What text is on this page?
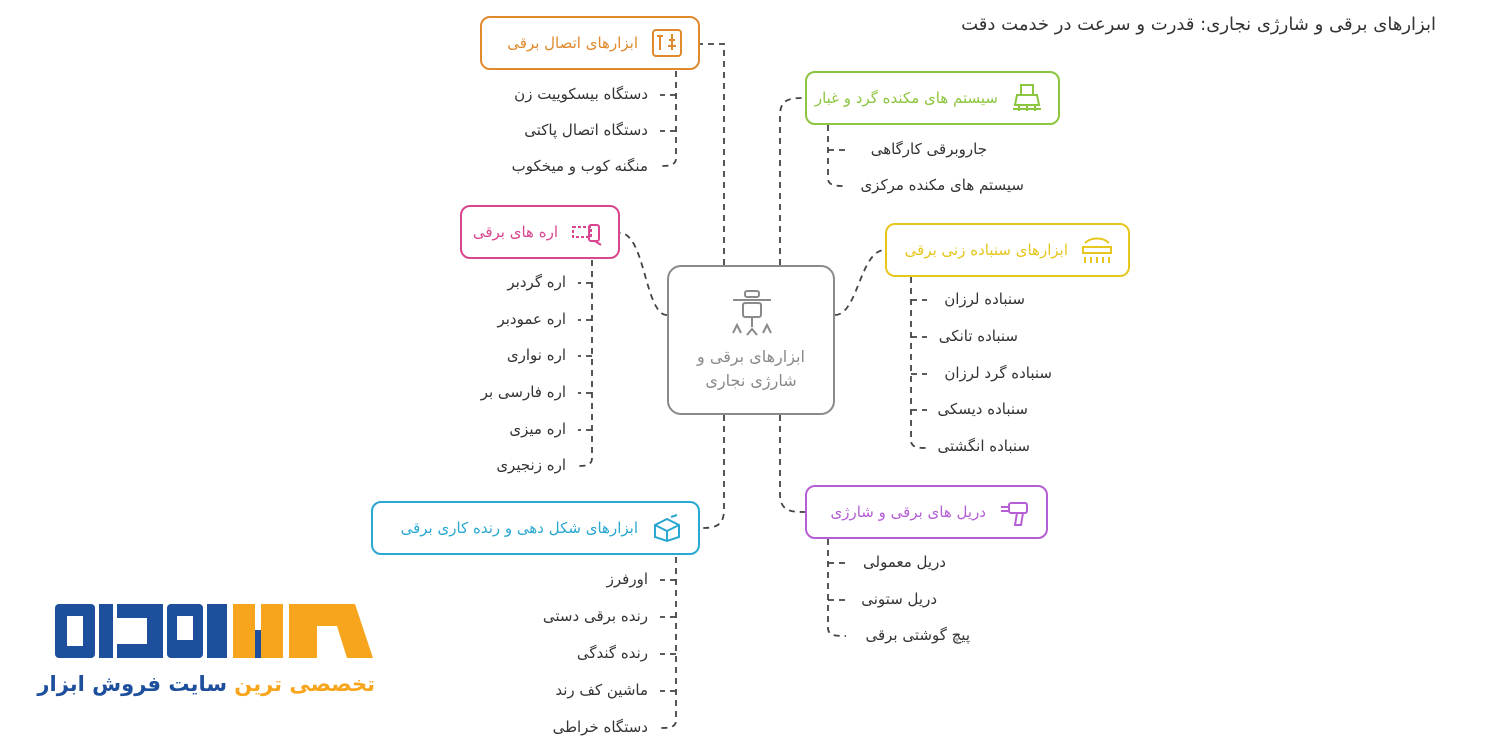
ابزارهای برقی و شارژی نجاری: قدرت و سرعت در خدمت دقت
ابزارهای برقی و
شارژی نجاری
ابزارهای اتصال برقی
دستگاه بیسکوییت زن
دستگاه اتصال پاکتی
منگنه کوب و میخکوب
اره های برقی
اره گردبر
اره عمودبر
اره نواری
اره فارسی بر
اره میزی
اره زنجیری
ابزارهای شکل دهی و رنده کاری برقی
اورفرز
رنده برقی دستی
رنده گندگی
ماشین کف رند
دستگاه خراطی
سیستم های مکنده گرد و غبار
جاروبرقی کارگاهی
سیستم های مکنده مرکزی
ابزارهای سنباده زنی برقی
سنباده لرزان
سنباده تانکی
سنباده گرد لرزان
سنباده دیسکی
سنباده انگشتی
دریل های برقی و شارژی
دریل معمولی
دریل ستونی
پیچ گوشتی برقی
تخصصی ترین سایت فروش ابزار
